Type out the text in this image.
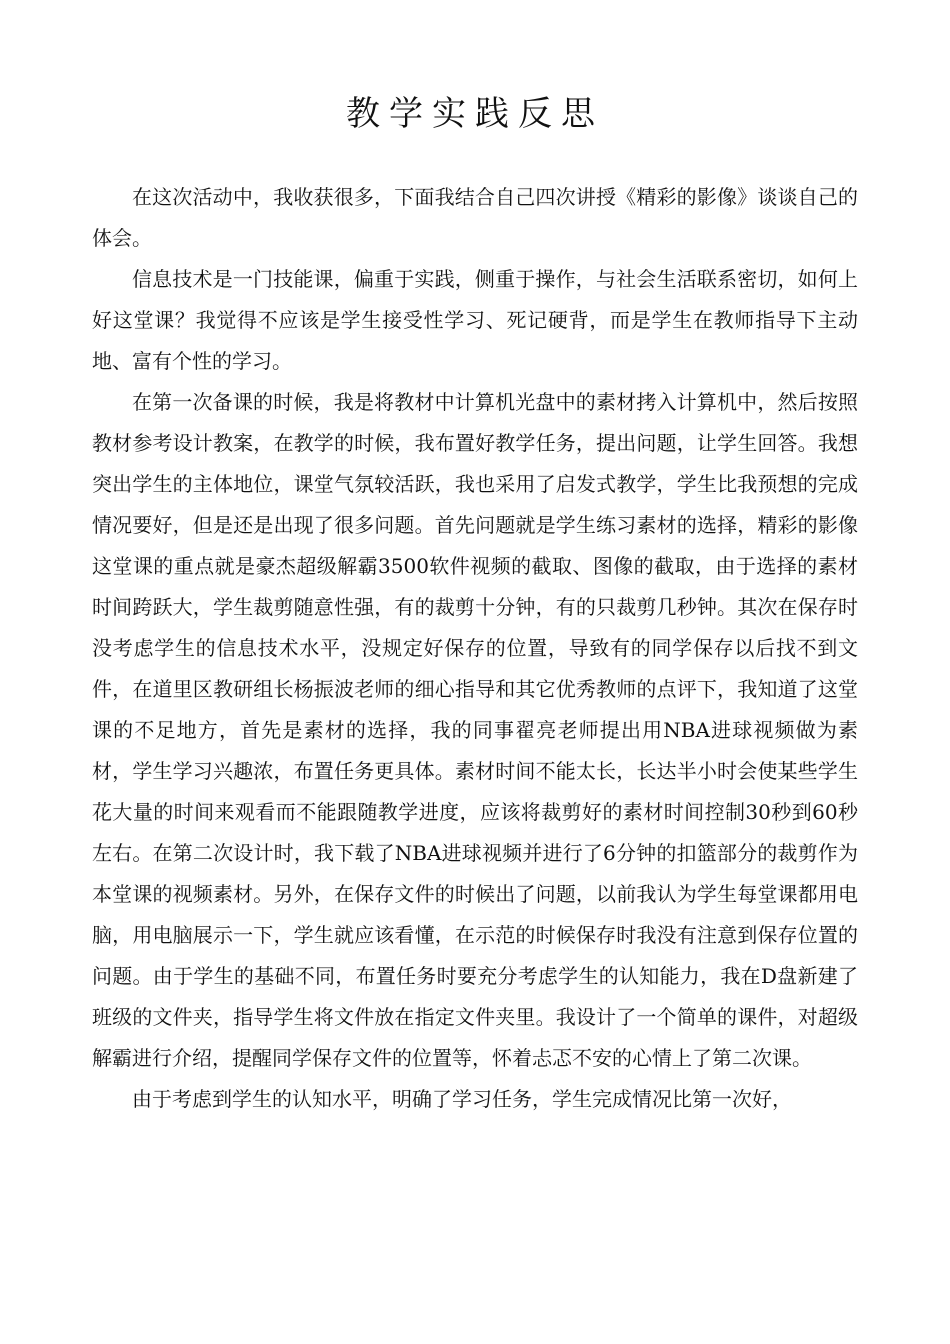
教学实践反思

在这次活动中，我收获很多，下面我结合自己四次讲授《精彩的影像》谈谈自己的体会。

信息技术是一门技能课，偏重于实践，侧重于操作，与社会生活联系密切，如何上好这堂课？我觉得不应该是学生接受性学习、死记硬背，而是学生在教师指导下主动地、富有个性的学习。

在第一次备课的时候，我是将教材中计算机光盘中的素材拷入计算机中，然后按照教材参考设计教案，在教学的时候，我布置好教学任务，提出问题，让学生回答。我想突出学生的主体地位，课堂气氛较活跃，我也采用了启发式教学，学生比我预想的完成情况要好，但是还是出现了很多问题。首先问题就是学生练习素材的选择，精彩的影像这堂课的重点就是豪杰超级解霸3500软件视频的截取、图像的截取，由于选择的素材时间跨跃大，学生裁剪随意性强，有的裁剪十分钟，有的只裁剪几秒钟。其次在保存时没考虑学生的信息技术水平，没规定好保存的位置，导致有的同学保存以后找不到文件，在道里区教研组长杨振波老师的细心指导和其它优秀教师的点评下，我知道了这堂课的不足地方，首先是素材的选择，我的同事翟亮老师提出用NBA进球视频做为素材，学生学习兴趣浓，布置任务更具体。素材时间不能太长，长达半小时会使某些学生花大量的时间来观看而不能跟随教学进度，应该将裁剪好的素材时间控制30秒到60秒左右。在第二次设计时，我下载了NBA进球视频并进行了6分钟的扣篮部分的裁剪作为本堂课的视频素材。另外，在保存文件的时候出了问题，以前我认为学生每堂课都用电脑，用电脑展示一下，学生就应该看懂，在示范的时候保存时我没有注意到保存位置的问题。由于学生的基础不同，布置任务时要充分考虑学生的认知能力，我在D盘新建了班级的文件夹，指导学生将文件放在指定文件夹里。我设计了一个简单的课件，对超级解霸进行介绍，提醒同学保存文件的位置等，怀着忐忑不安的心情上了第二次课。

由于考虑到学生的认知水平，明确了学习任务，学生完成情况比第一次好，
